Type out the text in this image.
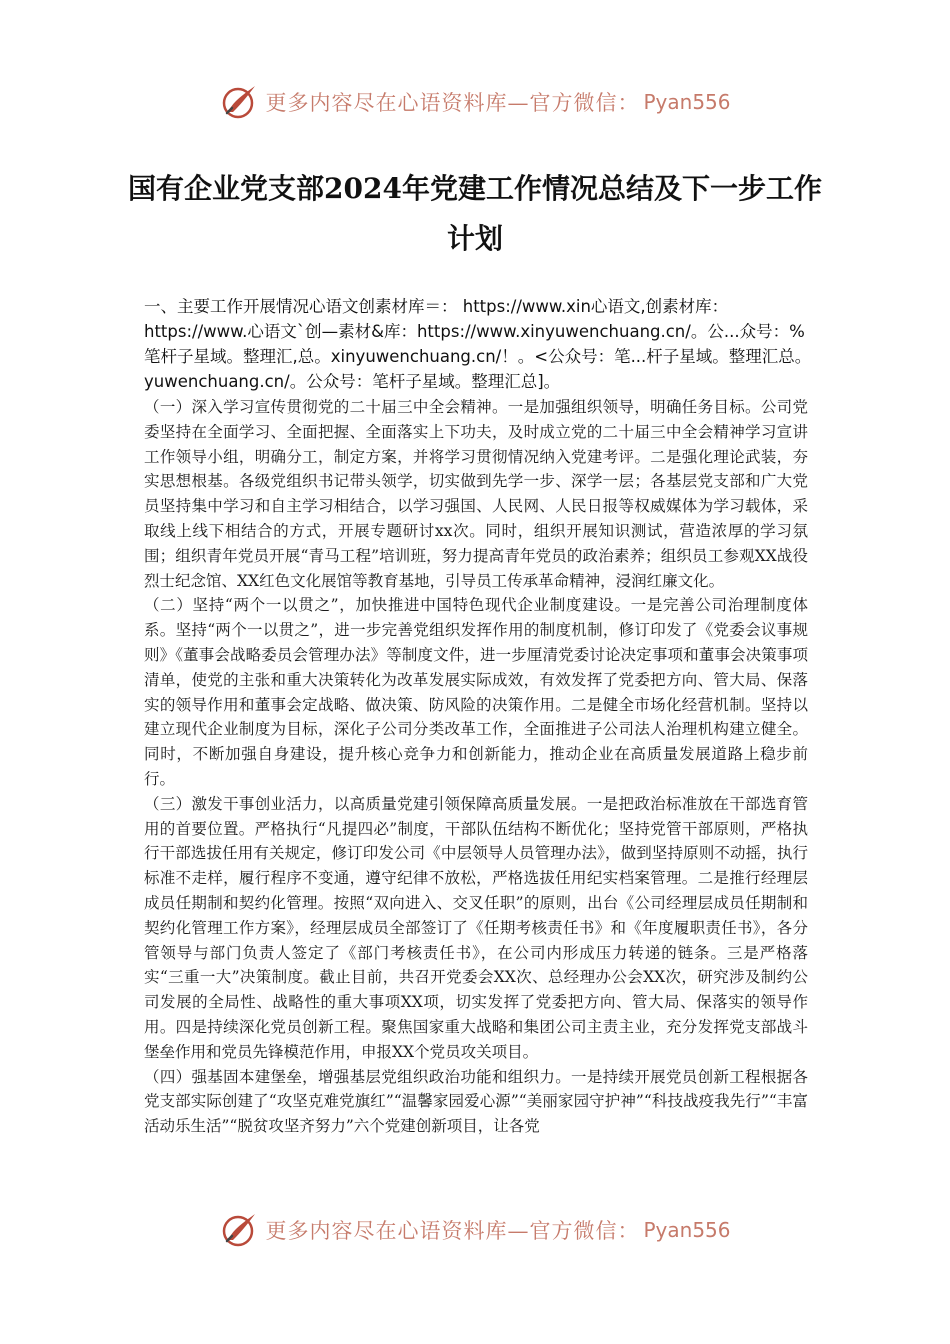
更多内容尽在心语资料库—官方微信： Pyan556
国有企业党支部2024年党建工作情况总结及下一步工作计划

一、主要工作开展情况心语文创素材库＝： https://www.xin心语文,创素材库：https://www.心语文`创—素材&库：https://www.xinyuwenchuang.cn/。公...众号：%笔杆子星域。整理汇,总。xinyuwenchuang.cn/！。<公众号：笔...杆子星域。整理汇总。yuwenchuang.cn/。公众号：笔杆子星域。整理汇总]。

（一）深入学习宣传贯彻党的二十届三中全会精神。一是加强组织领导，明确任务目标。公司党委坚持在全面学习、全面把握、全面落实上下功夫，及时成立党的二十届三中全会精神学习宣讲工作领导小组，明确分工，制定方案，并将学习贯彻情况纳入党建考评。二是强化理论武装，夯实思想根基。各级党组织书记带头领学，切实做到先学一步、深学一层；各基层党支部和广大党员坚持集中学习和自主学习相结合，以学习强国、人民网、人民日报等权威媒体为学习载体，采取线上线下相结合的方式，开展专题研讨xx次。同时，组织开展知识测试，营造浓厚的学习氛围；组织青年党员开展“青马工程”培训班，努力提高青年党员的政治素养；组织员工参观XX战役烈士纪念馆、XX红色文化展馆等教育基地，引导员工传承革命精神，浸润红廉文化。

（二）坚持“两个一以贯之”，加快推进中国特色现代企业制度建设。一是完善公司治理制度体系。坚持“两个一以贯之”，进一步完善党组织发挥作用的制度机制，修订印发了《党委会议事规则》《董事会战略委员会管理办法》等制度文件，进一步厘清党委讨论决定事项和董事会决策事项清单，使党的主张和重大决策转化为改革发展实际成效，有效发挥了党委把方向、管大局、保落实的领导作用和董事会定战略、做决策、防风险的决策作用。二是健全市场化经营机制。坚持以建立现代企业制度为目标，深化子公司分类改革工作，全面推进子公司法人治理机构建立健全。同时，不断加强自身建设，提升核心竞争力和创新能力，推动企业在高质量发展道路上稳步前行。

（三）激发干事创业活力，以高质量党建引领保障高质量发展。一是把政治标准放在干部选育管用的首要位置。严格执行“凡提四必”制度，干部队伍结构不断优化；坚持党管干部原则，严格执行干部选拔任用有关规定，修订印发公司《中层领导人员管理办法》，做到坚持原则不动摇，执行标准不走样，履行程序不变通，遵守纪律不放松，严格选拔任用纪实档案管理。二是推行经理层成员任期制和契约化管理。按照“双向进入、交叉任职”的原则，出台《公司经理层成员任期制和契约化管理工作方案》，经理层成员全部签订了《任期考核责任书》和《年度履职责任书》，各分管领导与部门负责人签定了《部门考核责任书》，在公司内形成压力转递的链条。三是严格落实“三重一大”决策制度。截止目前，共召开党委会XX次、总经理办公会XX次，研究涉及制约公司发展的全局性、战略性的重大事项XX项，切实发挥了党委把方向、管大局、保落实的领导作用。四是持续深化党员创新工程。聚焦国家重大战略和集团公司主责主业，充分发挥党支部战斗堡垒作用和党员先锋模范作用，申报XX个党员攻关项目。

（四）强基固本建堡垒，增强基层党组织政治功能和组织力。一是持续开展党员创新工程根据各党支部实际创建了“攻坚克难党旗红”“温馨家园爱心源”“美丽家园守护神”“科技战疫我先行”“丰富活动乐生活”“脱贫攻坚齐努力”六个党建创新项目，让各党

更多内容尽在心语资料库—官方微信： Pyan556
